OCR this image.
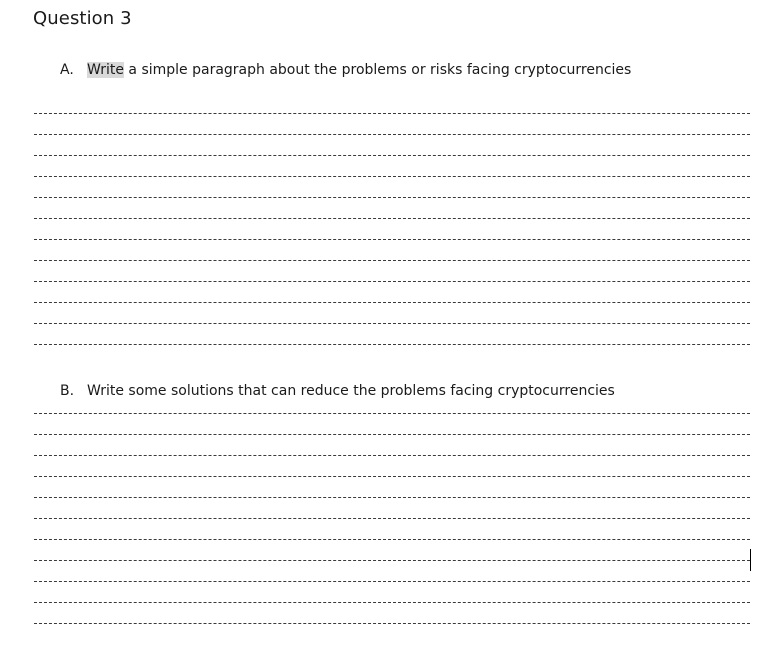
Question 3
A. Write a simple paragraph about the problems or risks facing cryptocurrencies
B. Write some solutions that can reduce the problems facing cryptocurrencies
